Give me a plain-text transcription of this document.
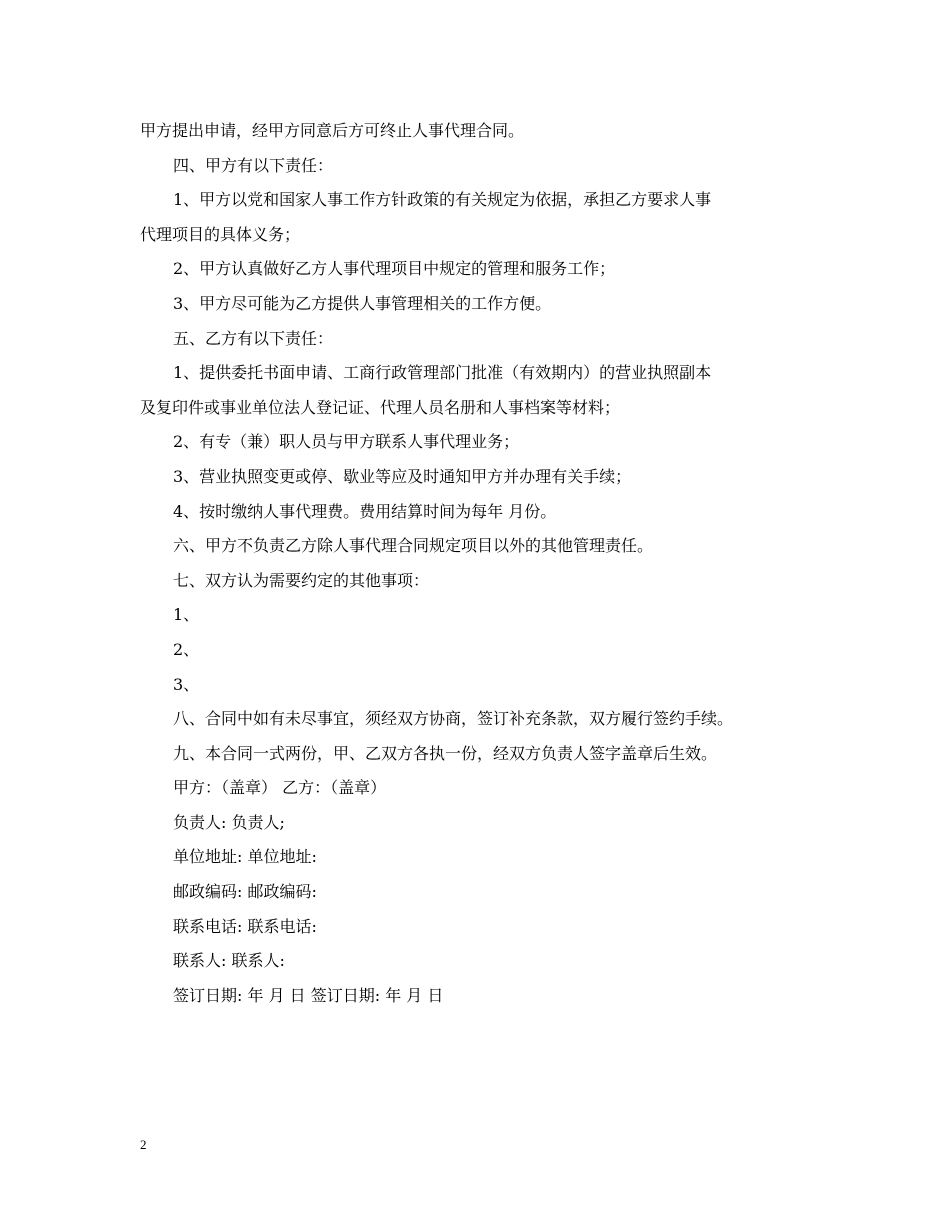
甲方提出申请，经甲方同意后方可终止人事代理合同。
四、甲方有以下责任：
1、甲方以党和国家人事工作方针政策的有关规定为依据，承担乙方要求人事
代理项目的具体义务；
2、甲方认真做好乙方人事代理项目中规定的管理和服务工作；
3、甲方尽可能为乙方提供人事管理相关的工作方便。
五、乙方有以下责任：
1、提供委托书面申请、工商行政管理部门批准（有效期内）的营业执照副本
及复印件或事业单位法人登记证、代理人员名册和人事档案等材料；
2、有专（兼）职人员与甲方联系人事代理业务；
3、营业执照变更或停、歇业等应及时通知甲方并办理有关手续；
4、按时缴纳人事代理费。费用结算时间为每年 月份。
六、甲方不负责乙方除人事代理合同规定项目以外的其他管理责任。
七、双方认为需要约定的其他事项：
1、
2、
3、
八、合同中如有未尽事宜，须经双方协商，签订补充条款，双方履行签约手续。
九、本合同一式两份，甲、乙双方各执一份，经双方负责人签字盖章后生效。
甲方：（盖章） 乙方：（盖章）
负责人: 负责人;
单位地址: 单位地址:
邮政编码: 邮政编码:
联系电话: 联系电话:
联系人: 联系人:
签订日期: 年 月 日 签订日期: 年 月 日
2
